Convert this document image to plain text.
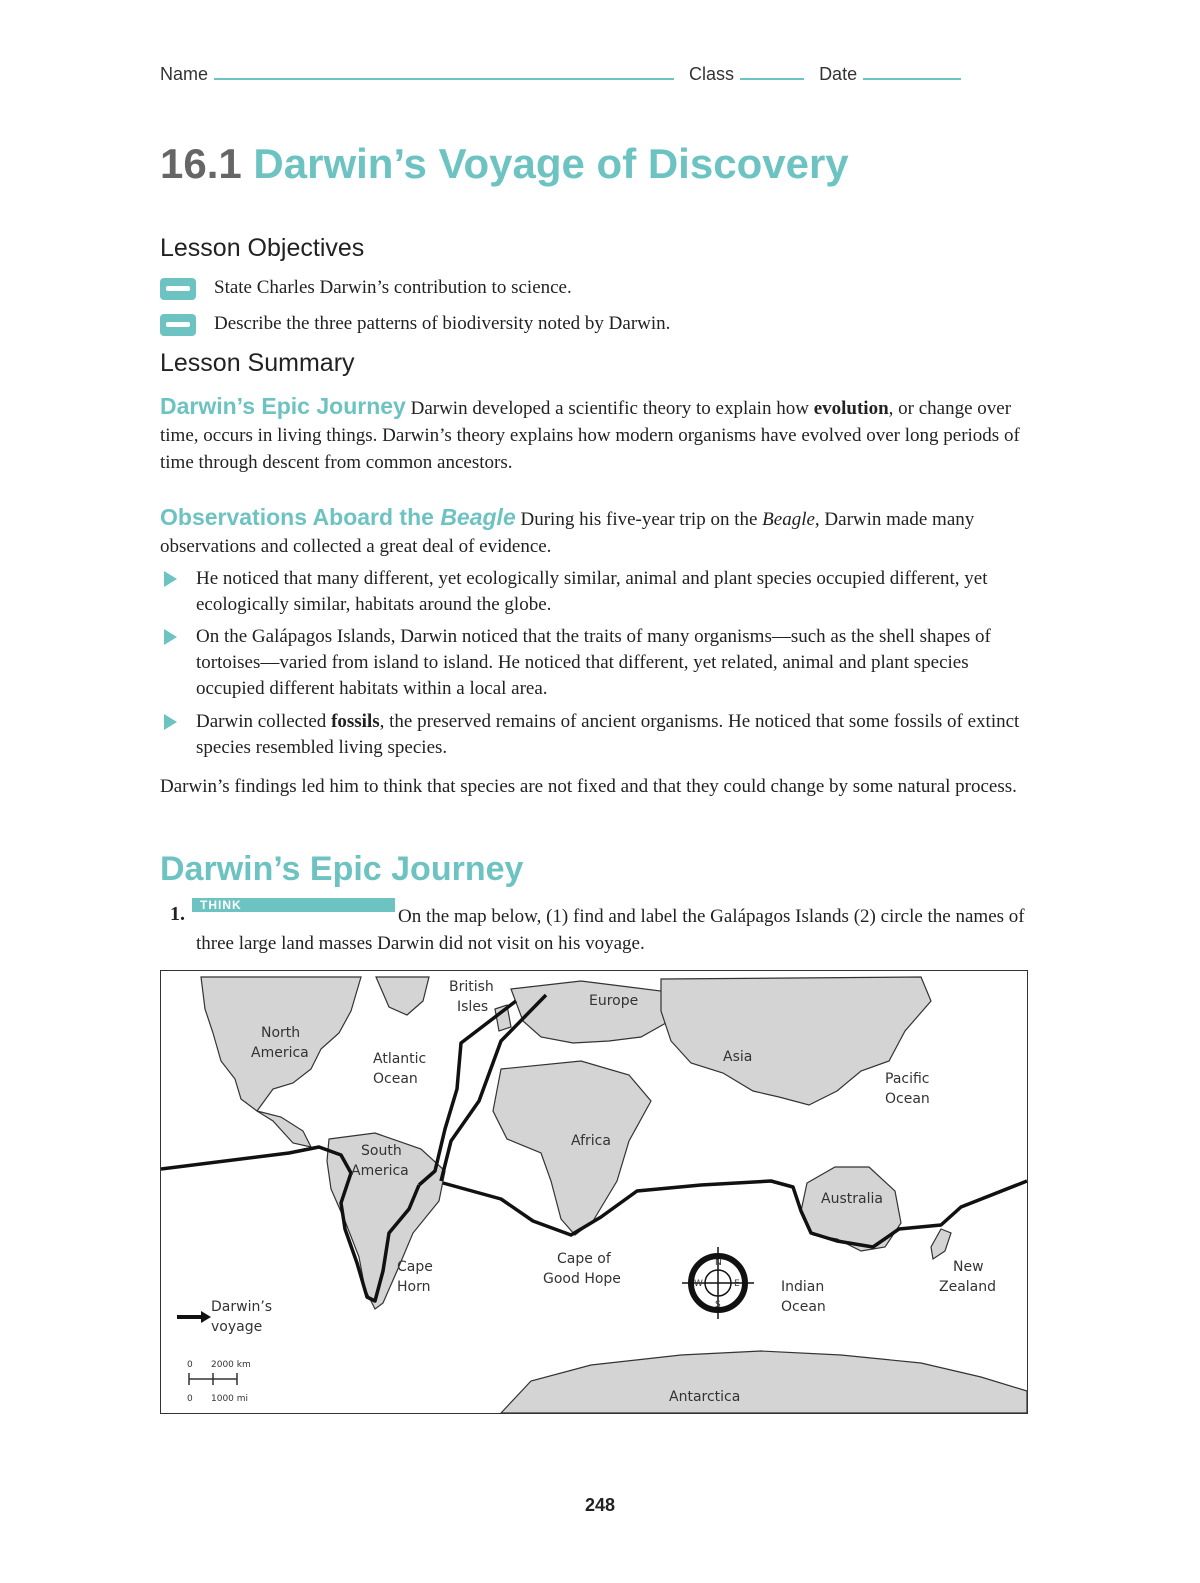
Name	Class	Date
16.1 Darwin’s Voyage of Discovery
Lesson Objectives
State Charles Darwin’s contribution to science.
Describe the three patterns of biodiversity noted by Darwin.
Lesson Summary
Darwin’s Epic Journey Darwin developed a scientific theory to explain how evolution, or change over time, occurs in living things. Darwin’s theory explains how modern organisms have evolved over long periods of time through descent from common ancestors.
Observations Aboard the Beagle During his five-year trip on the Beagle, Darwin made many observations and collected a great deal of evidence.
He noticed that many different, yet ecologically similar, animal and plant species occupied different, yet ecologically similar, habitats around the globe.
On the Galápagos Islands, Darwin noticed that the traits of many organisms—such as the shell shapes of tortoises—varied from island to island. He noticed that different, yet related, animal and plant species occupied different habitats within a local area.
Darwin collected fossils, the preserved remains of ancient organisms. He noticed that some fossils of extinct species resembled living species.
Darwin’s findings led him to think that species are not fixed and that they could change by some natural process.
Darwin’s Epic Journey
1.	THINK
On the map below, (1) find and label the Galápagos Islands (2) circle the names of three large land masses Darwin did not visit on his voyage.
N
S
E
W
North
America	Atlantic
Ocean
British
Isles	Europe
Asia
Pacific
Ocean
Africa
South
America
Australia
Cape
Horn
Cape of
Good Hope	Indian
Ocean
New
Zealand
Antarctica
Darwin’s
voyage
0 2000 km
0 1000 mi
248
